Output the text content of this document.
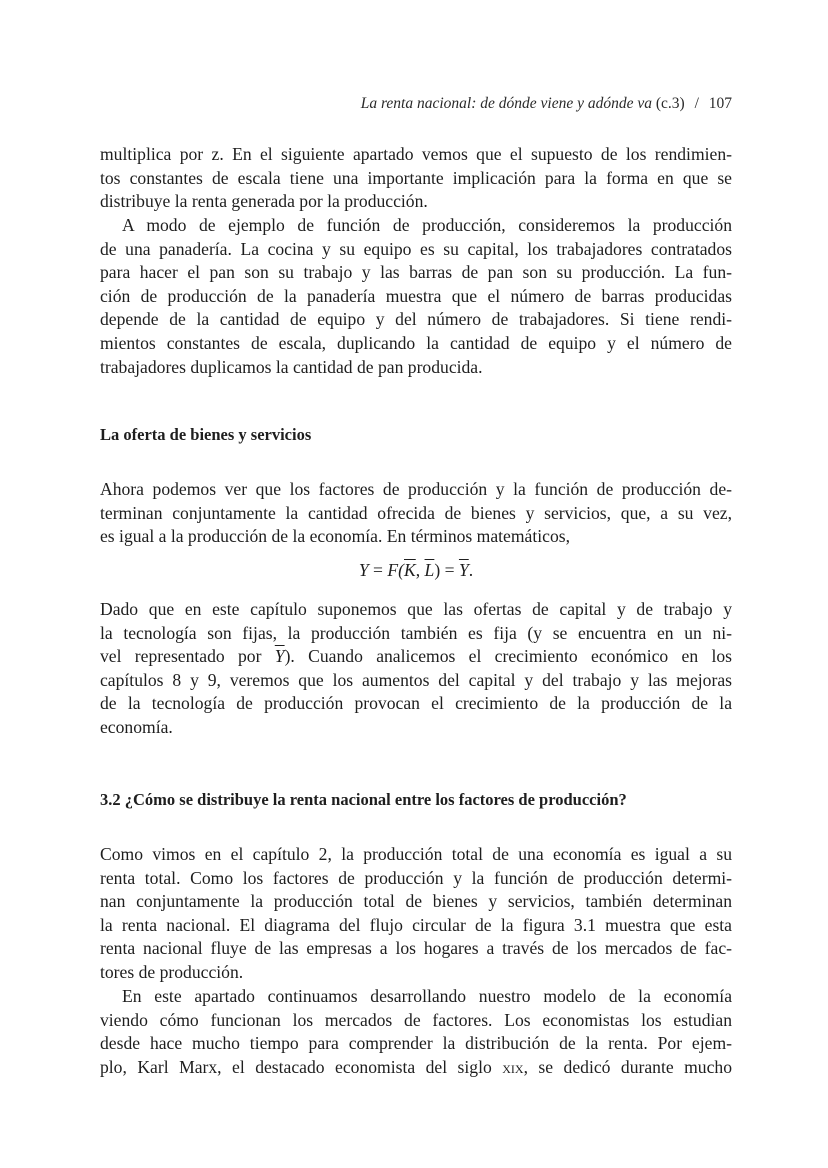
La renta nacional: de dónde viene y adónde va (c.3) / 107
multiplica por z. En el siguiente apartado vemos que el supuesto de los rendimien-
tos constantes de escala tiene una importante implicación para la forma en que se
distribuye la renta generada por la producción.
A modo de ejemplo de función de producción, consideremos la producción
de una panadería. La cocina y su equipo es su capital, los trabajadores contratados
para hacer el pan son su trabajo y las barras de pan son su producción. La fun-
ción de producción de la panadería muestra que el número de barras producidas
depende de la cantidad de equipo y del número de trabajadores. Si tiene rendi-
mientos constantes de escala, duplicando la cantidad de equipo y el número de
trabajadores duplicamos la cantidad de pan producida.
La oferta de bienes y servicios
Ahora podemos ver que los factores de producción y la función de producción de-
terminan conjuntamente la cantidad ofrecida de bienes y servicios, que, a su vez,
es igual a la producción de la economía. En términos matemáticos,
$Y = F(\overline{K}$, $\overline{L}) = \overline{Y}$.
Dado que en este capítulo suponemos que las ofertas de capital y de trabajo y
la tecnología son fijas, la producción también es fija (y se encuentra en un ni-
vel representado por $\overline{Y}$). Cuando analicemos el crecimiento económico en los
capítulos 8 y 9, veremos que los aumentos del capital y del trabajo y las mejoras
de la tecnología de producción provocan el crecimiento de la producción de la
economía.
3.2 ¿Cómo se distribuye la renta nacional entre los factores de producción?
Como vimos en el capítulo 2, la producción total de una economía es igual a su
renta total. Como los factores de producción y la función de producción determi-
nan conjuntamente la producción total de bienes y servicios, también determinan
la renta nacional. El diagrama del flujo circular de la figura 3.1 muestra que esta
renta nacional fluye de las empresas a los hogares a través de los mercados de fac-
tores de producción.
En este apartado continuamos desarrollando nuestro modelo de la economía
viendo cómo funcionan los mercados de factores. Los economistas los estudian
desde hace mucho tiempo para comprender la distribución de la renta. Por ejem-
plo, Karl Marx, el destacado economista del siglo xix, se dedicó durante mucho
